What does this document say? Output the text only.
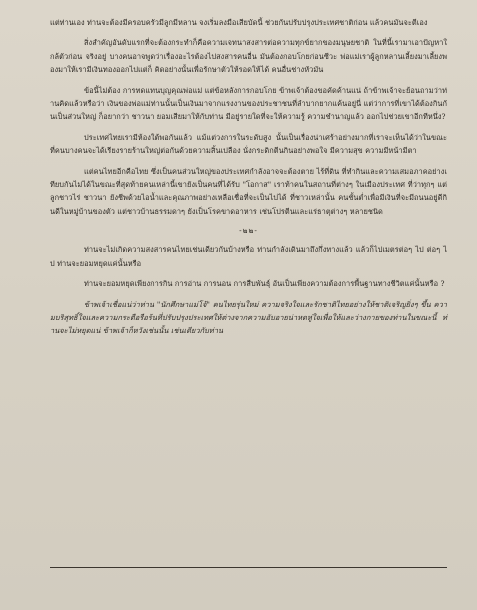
แต่ท่านเอง ท่านจะต้องมีครอบครัวมีลูกมีหลาน จงเริ่มลงมือเสียบัดนี้ ช่วยกันปรับปรุงประเทศชาติก่อน แล้วคนมันจะตีเอง

สิ่งสำคัญอันดับแรกที่จะต้องกระทำก็คือความเจทนาสงสารต่อความทุกข์ยากของมนุษยชาติ ในที่นี้เรามาเอาปัญหาใกล้ตัวก่อน จริงอยู่ บางคนอาจพูดว่าเรื่องอะไรต้องไปสงสารคนอื่น มันต้องกอบโกยก่อนซีวะ พ่อแม่เราผู้ลูกหลานเลี้ยงมาเลี้ยงพองมาให้เรามีเงินทองออกไปแต่ก็ คิดอย่างนั้นเพื่อรักษาตัวให้รอดให้ได้ คนอื่นช่างหัวมัน

ข้อนี้ไม่ต้อง การทดแทนบุญคุณพ่อแม่ แต่ข้อหลังการกอบโกย ข้าพเจ้าต้องขอคัดค้านแน่ ถ้าข้าพเจ้าจะย้อนถามว่าท่านคิดแล้วหรือว่า เงินของพ่อแม่ท่านนั้นเป็นเงินมาจากแรงงานของประชาชนที่ลำบากยากแค้นอยู่นี่ แต่ว่าการที่เขาได้ต้องกินกันเป็นส่วนใหญ่ ก็อยากว่า ชาวนา ยอมเสียมาให้กับท่าน มีอยู่รายใดที่จะให้ความรู้ ความชำนาญแล้ว ออกไปช่วยเขาอีกทีหนึ่ง?

ประเทศไทยเรามีห้องใต้พอกันแล้ว แม้แต่วงการในระดับสูง นั้นเป็นเรื่องน่าเศร้าอย่างมากที่เราจะเห็นได้ว่าในขณะที่คนบางคนจะได้เรียงรายร้านใหญ่ต่อกันด้วยความสิ้นเปลือง นั่งกระดิกตีนกินอย่างพอใจ มีความสุข ความมีหน้ามีตา

แต่คนไทยอีกคือไทย ซึ่งเป็นคนส่วนใหญ่ของประเทศกำลังอาจจะต้องตาย ไร้ที่ดิน ที่ทำกินและความเสมอภาคอย่างเทียบกันไม่ได้ในขณะที่สุดท้ายคนเหล่านี้เขายังเป็นคนที่ได้รับ "โอกาส" เราท้าคนในสถานที่ต่างๆ ในเมืองประเทศ ที่ว่าทุกๆ แต่ลูกชาวไร่ ชาวนา ยังชีพด้วยไอน้ำและคุณภาพอย่างเหลือเชื่อที่จะเป็นไปได้ ที่ชาวเหล่านั้น คนชั้นต่ำเพื่อมีเงินที่จะมีถนนอยู่ดีกินดีในหมู่บ้านของตัว แต่ชาวบ้านธรรมดาๆ ยังเป็นโรคขาดอาหาร เช่นโปรตีนและแร่ธาตุต่างๆ หลายชนิด

-๒๒-

ท่านจะไม่เกิดความสงสารคนไทยเช่นเดียวกันบ้างหรือ ท่านกำลังเดินมาถึงกึ่งทางแล้ว แล้วก็ไปเมตรต่อๆ ไป ต่อๆ ไป ท่านจะยอมหยุดแค่นั้นหรือ

ท่านจะยอมหยุดเพียงการกิน การอ่าน การนอน การสืบพันธุ์ อันเป็นเพียงความต้องการพื้นฐานทางชีวิตแค่นั้นหรือ ?

ข้าพเจ้าเชื่อแน่ว่าท่าน "นักศึกษาแม่โจ้" คนไทยรุ่นใหม่ ความจริงใจและรักชาติไทยอย่างให้ชาติเจริญยิ่งๆ ขึ้น ความบริสุทธิ์ใจและความกระตือรือร้นที่ปรับปรุงประเทศให้ต่างจากความอับอายน่าหดหู่ใจเพื่อให้และว่างกายของท่านในขณะนี้ ท่านจะไม่หยุดแน่ ข้าพเจ้าก็หวังเช่นนั้น เช่นเดียวกับท่าน
